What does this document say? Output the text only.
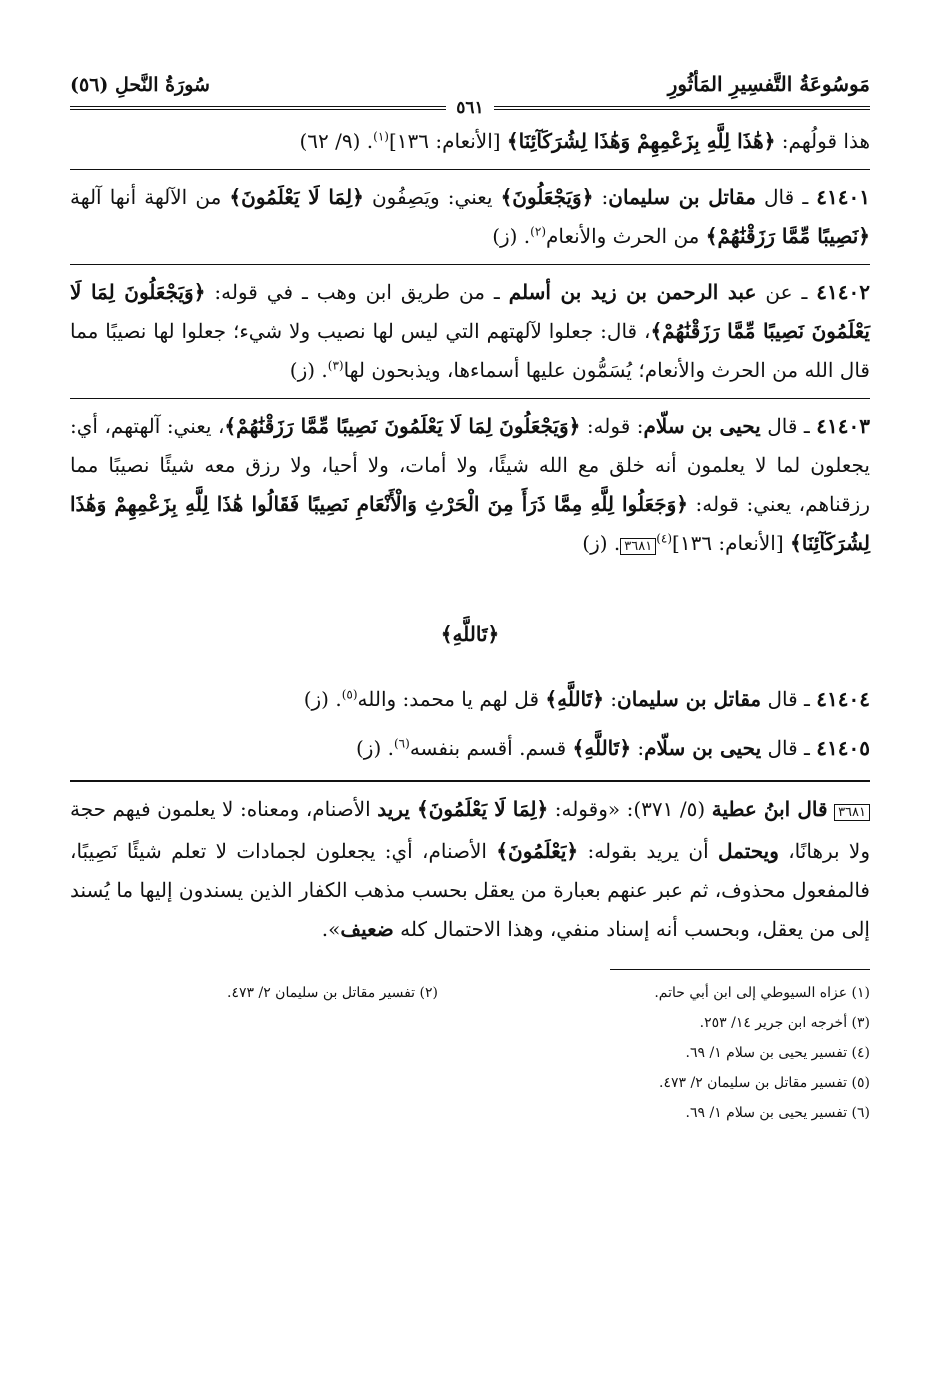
مَوسُوعَةُ التَّفسِيرِ المَأثُورِ
سُورَةُ النَّحلِ (٥٦)
٥٦١

هذا قولُهم: ﴿هَٰذَا لِلَّهِ بِزَعْمِهِمْ وَهَٰذَا لِشُرَكَآئِنَا﴾ [الأنعام: ١٣٦]$^{(١)}$. (٩/ ٦٢)

٤١٤٠١ ـ قال مقاتل بن سليمان: ﴿وَيَجْعَلُونَ﴾ يعني: ويَصِفُون ﴿لِمَا لَا يَعْلَمُونَ﴾ من الآلهة أنها آلهة ﴿نَصِيبًا مِّمَّا رَزَقْنَٰهُمْ﴾ من الحرث والأنعام$^{(٢)}$. (ز)

٤١٤٠٢ ـ عن عبد الرحمن بن زيد بن أسلم ـ من طريق ابن وهب ـ في قوله: ﴿وَيَجْعَلُونَ لِمَا لَا يَعْلَمُونَ نَصِيبًا مِّمَّا رَزَقْنَٰهُمْ﴾، قال: جعلوا لآلهتهم التي ليس لها نصيب ولا شيء؛ جعلوا لها نصيبًا مما قال الله من الحرث والأنعام؛ يُسَمُّون عليها أسماءها، ويذبحون لها$^{(٣)}$. (ز)

٤١٤٠٣ ـ قال يحيى بن سلّام: قوله: ﴿وَيَجْعَلُونَ لِمَا لَا يَعْلَمُونَ نَصِيبًا مِّمَّا رَزَقْنَٰهُمْ﴾، يعني: آلهتهم، أي: يجعلون لما لا يعلمون أنه خلق مع الله شيئًا، ولا أمات، ولا أحيا، ولا رزق معه شيئًا نصيبًا مما رزقناهم، يعني: قوله: ﴿وَجَعَلُوا لِلَّهِ مِمَّا ذَرَأَ مِنَ الْحَرْثِ وَالْأَنْعَامِ نَصِيبًا فَقَالُوا هَٰذَا لِلَّهِ بِزَعْمِهِمْ وَهَٰذَا لِشُرَكَآئِنَا﴾ [الأنعام: ١٣٦]$^{(٤)}$٣٦٨١. (ز)

﴿تَاللَّهِ﴾

٤١٤٠٤ ـ قال مقاتل بن سليمان: ﴿تَاللَّهِ﴾ قل لهم يا محمد: والله$^{(٥)}$. (ز)

٤١٤٠٥ ـ قال يحيى بن سلّام: ﴿تَاللَّهِ﴾ قسم. أقسم بنفسه$^{(٦)}$. (ز)

٣٦٨١ قال ابنُ عطية (٥/ ٣٧١): «وقوله: ﴿لِمَا لَا يَعْلَمُونَ﴾ يريد الأصنام، ومعناه: لا يعلمون فيهم حجة ولا برهانًا، ويحتمل أن يريد بقوله: ﴿يَعْلَمُونَ﴾ الأصنام، أي: يجعلون لجمادات لا تعلم شيئًا نَصِيبًا، فالمفعول محذوف، ثم عبر عنهم بعبارة من يعقل بحسب مذهب الكفار الذين يسندون إليها ما يُسند إلى من يعقل، وبحسب أنه إسناد منفي، وهذا الاحتمال كله ضعيف».

(١) عزاه السيوطي إلى ابن أبي حاتم.
(٣) أخرجه ابن جرير ١٤/ ٢٥٣.
(٤) تفسير يحيى بن سلام ١/ ٦٩.
(٥) تفسير مقاتل بن سليمان ٢/ ٤٧٣.
(٦) تفسير يحيى بن سلام ١/ ٦٩.
(٢) تفسير مقاتل بن سليمان ٢/ ٤٧٣.
